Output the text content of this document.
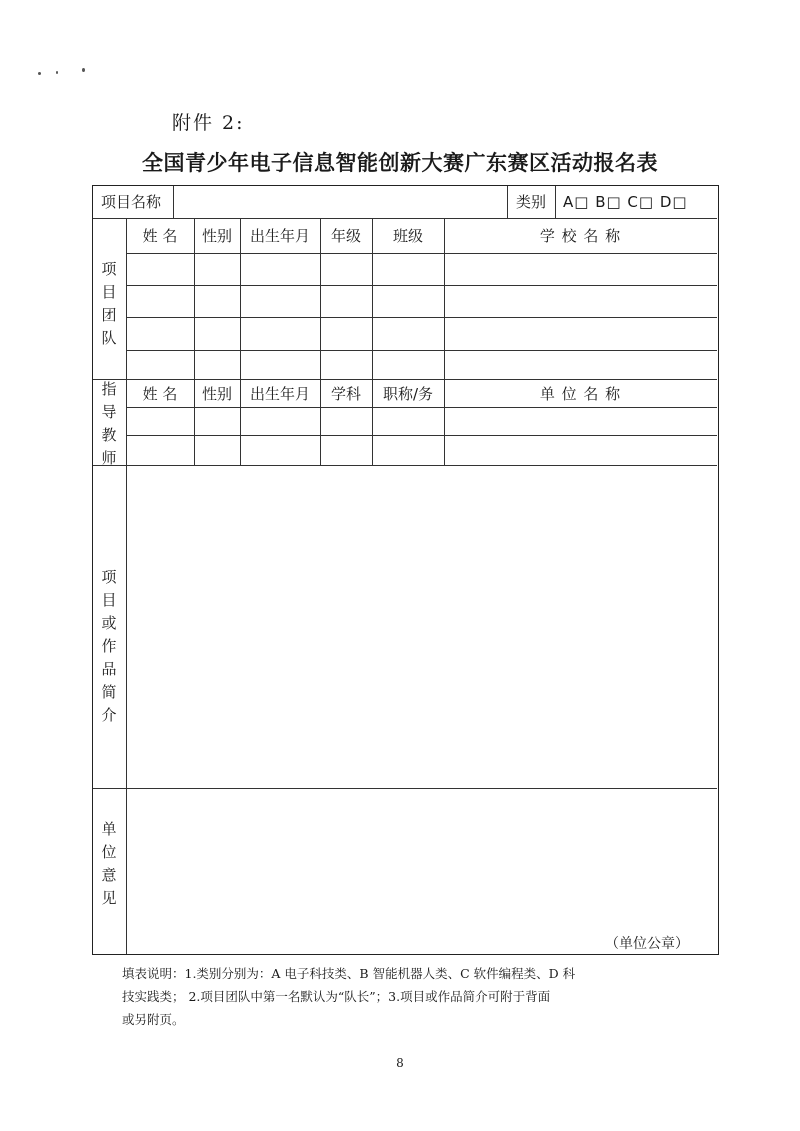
附件 2:
全国青少年电子信息智能创新大赛广东赛区活动报名表
项目名称	类别 A□ B□ C□ D□
姓 名	性别	出生年月	年级	班级	学 校 名 称
项目团队
姓 名	性别	出生年月	学科	职称/务	单 位 名 称
指导教师
项目或作品简介
单位意见
（单位公章）
填表说明：1.类别分别为：A 电子科技类、B 智能机器人类、C 软件编程类、D 科
技实践类； 2.项目团队中第一名默认为“队长”；3.项目或作品简介可附于背面
或另附页。
8
